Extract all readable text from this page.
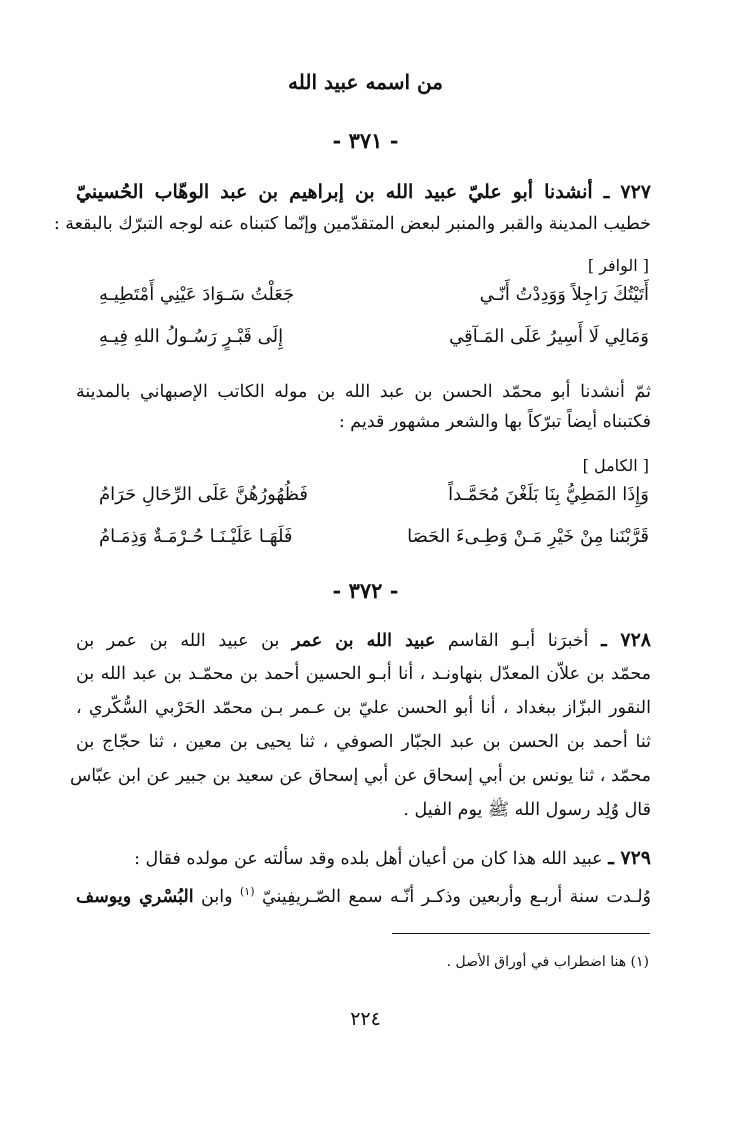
من اسمه عبيد الله
- ٣٧١ -
٧٢٧ ـ أنشدنا أبو عليّ عبيد الله بن إبراهيم بن عبد الوهّاب الحُسينيّ
خطيب المدينة والقبر والمنبر لبعض المتقدّمين وإنّما كتبناه عنه لوجه التبرّك بالبقعة :
[ الوافر ]
أَتَيْتُكَ رَاجِلاً وَوَدِدْتُ أَنّـي
جَعَلْتُ سَـوَادَ عَيْنِي أَمْتَطِيـهِ
وَمَالِي لَا أَسِيرُ عَلَى المَـآقِي
إِلَى قَبْـرٍ رَسُـولُ اللهِ فِيـهِ
ثمّ أنشدنا أبو محمّد الحسن بن عبد الله بن موله الكاتب الإصبهاني بالمدينة
فكتبناه أيضاً تبرّكاً بها والشعر مشهور قديم :
[ الكامل ]
وَإِذَا المَطِيُّ بِنَا بَلَغْنَ مُحَمَّـداً
فَظُهُورُهُنَّ عَلَى الرِّحَالِ حَرَامُ
قَرَّبْنَنا مِنْ خَيْرِ مَـنْ وَطِـىءَ الحَصَا
فَلَهَـا عَلَيْـنَـا حُـرْمَـةٌ وَذِمَـامُ
- ٣٧٢ -
٧٢٨ ـ أخبرَنا أبـو القاسم عبيد الله بن عمر بن عبيد الله بن عمر بن
محمّد بن علاّن المعدّل بنهاونـد ، أنا أبـو الحسين أحمد بن محمّـد بن عبد الله بن
النقور البزّاز ببغداد ، أنا أبو الحسن عليّ بن عـمر بـن محمّد الحَرْبي السُّكّري ،
ثنا أحمد بن الحسن بن عبد الجبّار الصوفي ، ثنا يحيى بن معين ، ثنا حجّاج بن
محمّد ، ثنا يونس بن أبي إسحاق عن أبي إسحاق عن سعيد بن جبير عن ابن عبّاس
قال وُلِد رسول الله ﷺ يوم الفيل .
٧٢٩ ـ عبيد الله هذا كان من أعيان أهل بلده وقد سألته عن مولده فقال :
وُلـدت سنة أربـع وأربعين وذكـر أنّـه سمع الصّـريفِينيّ $^{(١)}$ وابن البُسْري ويوسف
(١) هنا اضطراب في أوراق الأصل .
٢٢٤
